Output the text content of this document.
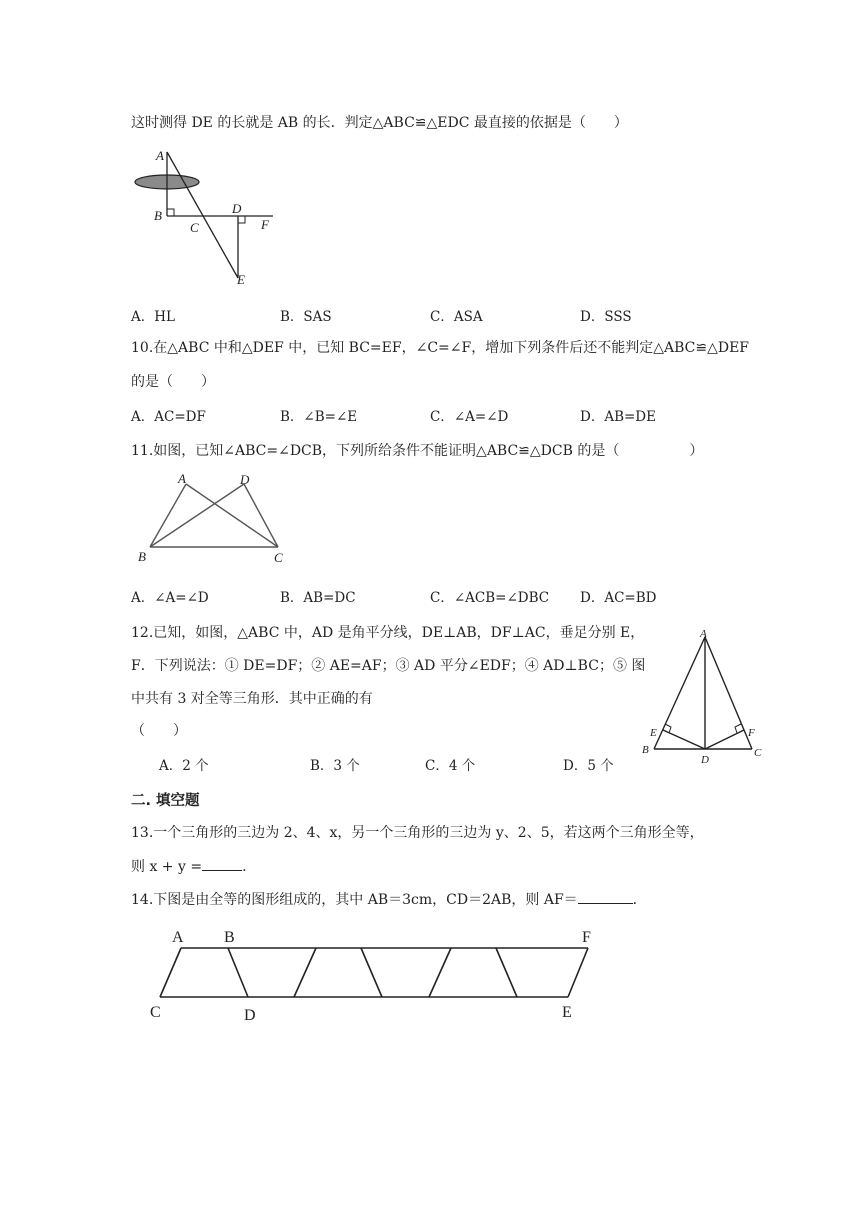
这时测得 DE 的长就是 AB 的长．判定△ABC≌△EDC 最直接的依据是（　　）
A
B
C
D
F
E
A．HL	B．SAS	C．ASA	D．SSS
10.在△ABC 中和△DEF 中，已知 BC=EF，∠C=∠F，增加下列条件后还不能判定△ABC≌△DEF
的是（　　）
A．AC=DF	B．∠B=∠E	C．∠A=∠D	D．AB=DE
11.如图，已知∠ABC=∠DCB，下列所给条件不能证明△ABC≌△DCB 的是（　　　　　）
A	D
B	C
A．∠A=∠D	B．AB=DC	C．∠ACB=∠DBC D．AC=BD
12.已知，如图，△ABC 中，AD 是角平分线，DE⊥AB，DF⊥AC，垂足分别 E，
F．下列说法：① DE=DF；② AE=AF；③ AD 平分∠EDF；④ AD⊥BC；⑤ 图
中共有 3 对全等三角形．其中正确的有
（　　）
A
E	F
B
D
C
A．2 个	B．3 个	C．4 个	D．5 个
二. 填空题
13.一个三角形的三边为 2、4、x，另一个三角形的三边为 y、2、5，若这两个三角形全等，
则 x + y =	．
14.下图是由全等的图形组成的，其中 AB＝3cm，CD＝2AB，则 AF＝	．
A	B	F
C	D	E
